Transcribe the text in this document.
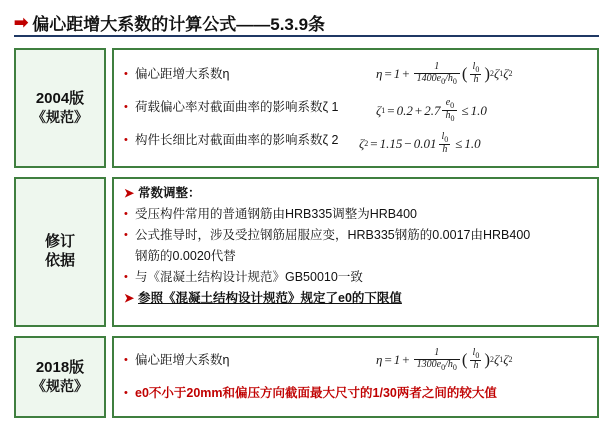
➡ 偏心距增大系数的计算公式——5.3.9条
2004版
《规范》
• 偏心距增大系数η
• 荷载偏心率对截面曲率的影响系数ζ 1
• 构件长细比对截面曲率的影响系数ζ 2
$\eta = 1 + \frac{1}{1400e_0/h_0}$ ( $\frac{l_0}{h}$ ) 2 ζ 1 ζ 2
ζ $1 = 0.2 + 2.7 \frac{e_0}{h_0} \le 1.0$
ζ $2 = 1.15 - 0.01 \frac{l_0}{h} \le 1.0$
修订
依据
➤ 常数调整：
• 受压构件常用的普通钢筋由HRB335调整为HRB400
• 公式推导时，涉及受拉钢筋屈服应变，HRB335钢筋的0.0017由HRB400

钢筋的0.0020代替
• 与《混凝土结构设计规范》GB50010一致
➤ 参照《混凝土结构设计规范》规定了e0的下限值
2018版
《规范》
• 偏心距增大系数η
• e0不小于20mm和偏压方向截面最大尺寸的1/30两者之间的较大值
$\eta = 1 + \frac{1}{1300e_0/h_0}$ ( $\frac{l_0}{h}$ ) 2 ζ 1 ζ 2
